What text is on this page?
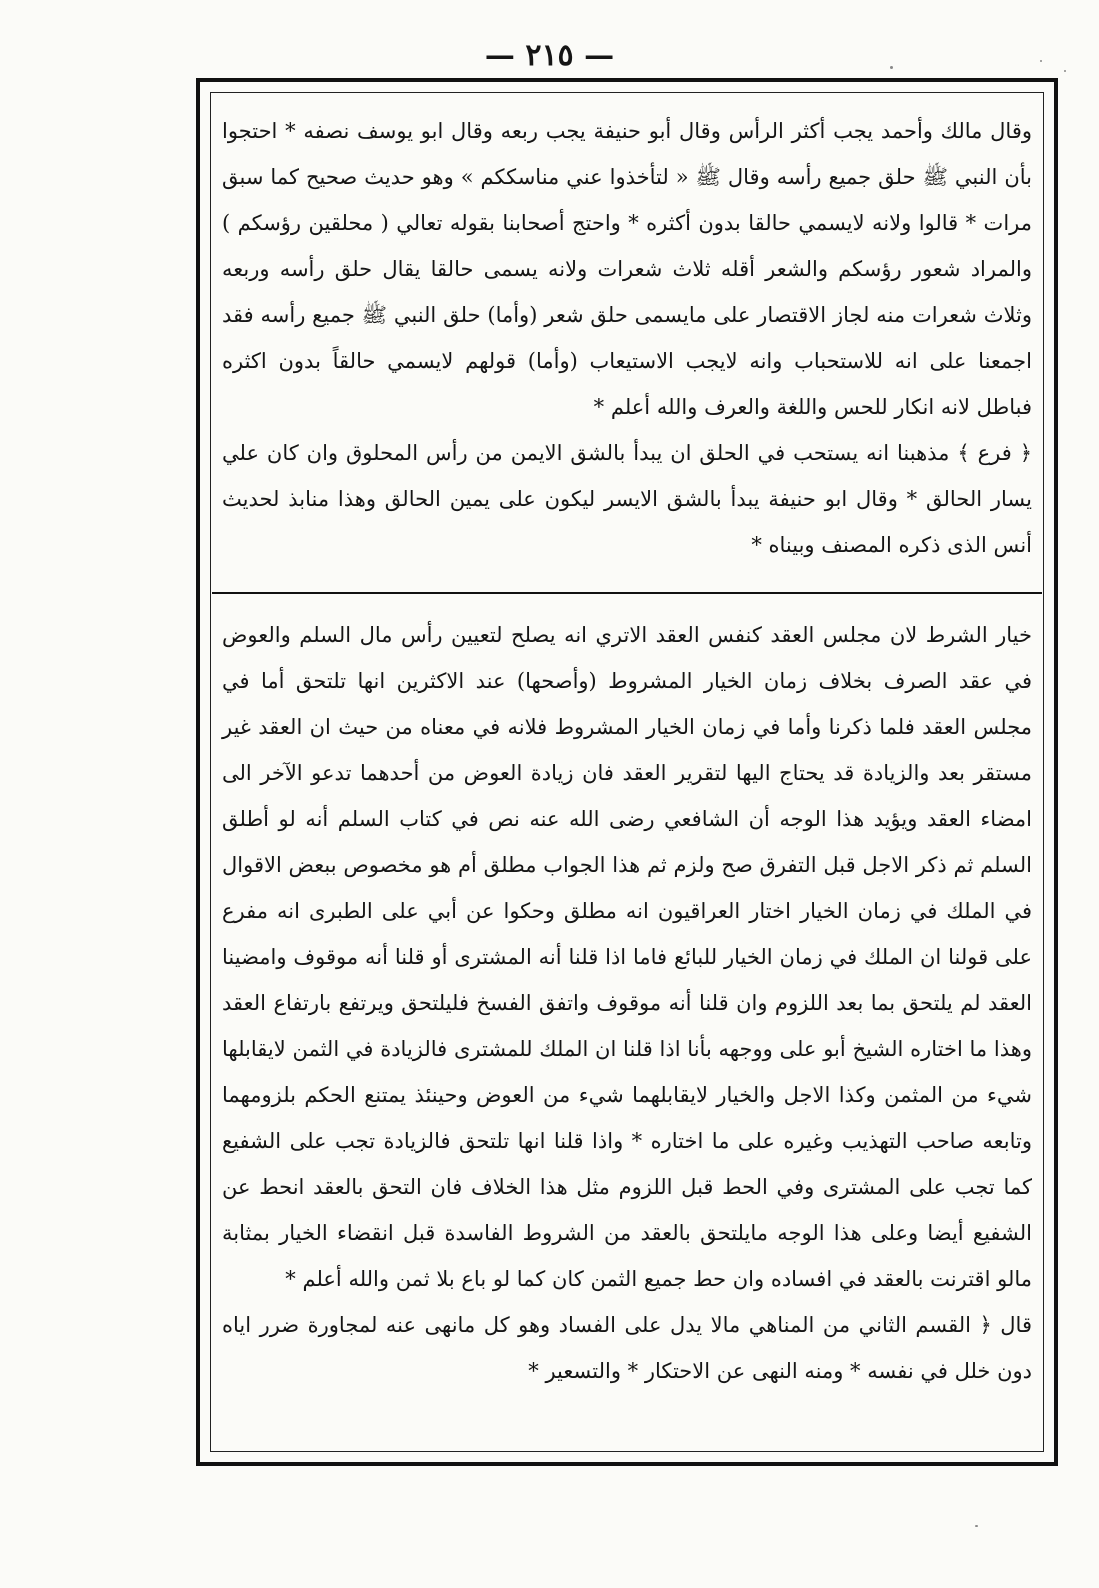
— ٢١٥ —

وقال مالك وأحمد يجب أكثر الرأس وقال أبو حنيفة يجب ربعه وقال ابو يوسف نصفه * احتجوا بأن النبي ﷺ حلق جميع رأسه وقال ﷺ « لتأخذوا عني مناسككم » وهو حديث صحيح كما سبق مرات * قالوا ولانه لايسمي حالقا بدون أكثره * واحتج أصحابنا بقوله تعالي ( محلقين رؤسكم ) والمراد شعور رؤسكم والشعر أقله ثلاث شعرات ولانه يسمى حالقا يقال حلق رأسه وربعه وثلاث شعرات منه لجاز الاقتصار على مايسمى حلق شعر (وأما) حلق النبي ﷺ جميع رأسه فقد اجمعنا على انه للاستحباب وانه لايجب الاستيعاب (وأما) قولهم لايسمي حالقاً بدون اكثره فباطل لانه انكار للحس واللغة والعرف والله أعلم *

﴿ فرع ﴾ مذهبنا انه يستحب في الحلق ان يبدأ بالشق الايمن من رأس المحلوق وان كان علي يسار الحالق * وقال ابو حنيفة يبدأ بالشق الايسر ليكون على يمين الحالق وهذا منابذ لحديث أنس الذى ذكره المصنف وبيناه *

خيار الشرط لان مجلس العقد كنفس العقد الاتري انه يصلح لتعيين رأس مال السلم والعوض في عقد الصرف بخلاف زمان الخيار المشروط (وأصحها) عند الاكثرين انها تلتحق أما في مجلس العقد فلما ذكرنا وأما في زمان الخيار المشروط فلانه في معناه من حيث ان العقد غير مستقر بعد والزيادة قد يحتاج اليها لتقرير العقد فان زيادة العوض من أحدهما تدعو الآخر الى امضاء العقد ويؤيد هذا الوجه أن الشافعي رضى الله عنه نص في كتاب السلم أنه لو أطلق السلم ثم ذكر الاجل قبل التفرق صح ولزم ثم هذا الجواب مطلق أم هو مخصوص ببعض الاقوال في الملك في زمان الخيار اختار العراقيون انه مطلق وحكوا عن أبي على الطبرى انه مفرع على قولنا ان الملك في زمان الخيار للبائع فاما اذا قلنا أنه المشترى أو قلنا أنه موقوف وامضينا العقد لم يلتحق بما بعد اللزوم وان قلنا أنه موقوف واتفق الفسخ فليلتحق ويرتفع بارتفاع العقد وهذا ما اختاره الشيخ أبو على ووجهه بأنا اذا قلنا ان الملك للمشترى فالزيادة في الثمن لايقابلها شيء من المثمن وكذا الاجل والخيار لايقابلهما شيء من العوض وحينئذ يمتنع الحكم بلزومهما وتابعه صاحب التهذيب وغيره على ما اختاره * واذا قلنا انها تلتحق فالزيادة تجب على الشفيع كما تجب على المشترى وفي الحط قبل اللزوم مثل هذا الخلاف فان التحق بالعقد انحط عن الشفيع أيضا وعلى هذا الوجه مايلتحق بالعقد من الشروط الفاسدة قبل انقضاء الخيار بمثابة مالو اقترنت بالعقد في افساده وان حط جميع الثمن كان كما لو باع بلا ثمن والله أعلم *

قال ﴿ القسم الثاني من المناهي مالا يدل على الفساد وهو كل مانهى عنه لمجاورة ضرر اياه دون خلل في نفسه * ومنه النهى عن الاحتكار * والتسعير *
